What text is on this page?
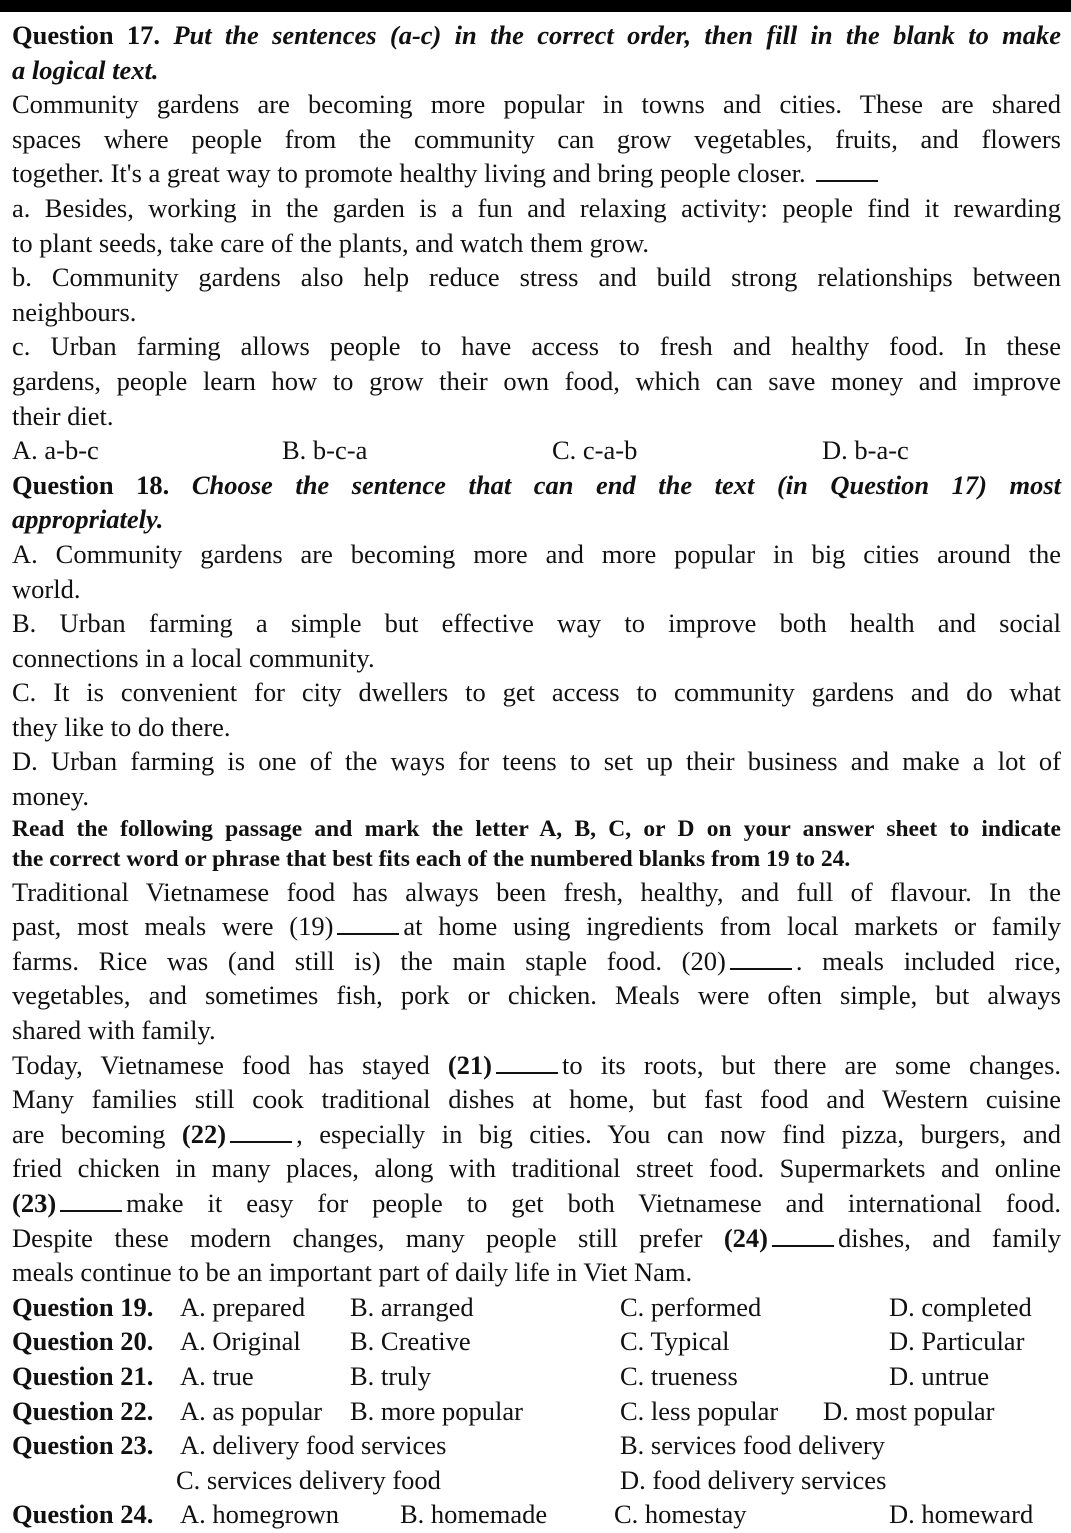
Question 17. Put the sentences (a-c) in the correct order, then fill in the blank to make
a logical text.
Community gardens are becoming more popular in towns and cities. These are shared
spaces where people from the community can grow vegetables, fruits, and flowers
together. It's a great way to promote healthy living and bring people closer.
a. Besides, working in the garden is a fun and relaxing activity: people find it rewarding
to plant seeds, take care of the plants, and watch them grow.
b. Community gardens also help reduce stress and build strong relationships between
neighbours.
c. Urban farming allows people to have access to fresh and healthy food. In these
gardens, people learn how to grow their own food, which can save money and improve
their diet.
A. a-b-c	B. b-c-a	C. c-a-b	D. b-a-c
Question 18. Choose the sentence that can end the text (in Question 17) most
appropriately.
A. Community gardens are becoming more and more popular in big cities around the
world.
B. Urban farming a simple but effective way to improve both health and social
connections in a local community.
C. It is convenient for city dwellers to get access to community gardens and do what
they like to do there.
D. Urban farming is one of the ways for teens to set up their business and make a lot of
money.
Read the following passage and mark the letter A, B, C, or D on your answer sheet to indicate
the correct word or phrase that best fits each of the numbered blanks from 19 to 24.
Traditional Vietnamese food has always been fresh, healthy, and full of flavour. In the
past, most meals were (19)	at home using ingredients from local markets or family
farms. Rice was (and still is) the main staple food. (20)	. meals included rice,
vegetables, and sometimes fish, pork or chicken. Meals were often simple, but always
shared with family.
Today, Vietnamese food has stayed (21)	to its roots, but there are some changes.
Many families still cook traditional dishes at home, but fast food and Western cuisine
are becoming (22)	, especially in big cities. You can now find pizza, burgers, and
fried chicken in many places, along with traditional street food. Supermarkets and online
(23)	make it easy for people to get both Vietnamese and international food.
Despite these modern changes, many people still prefer (24)	dishes, and family
meals continue to be an important part of daily life in Viet Nam.
Question 19. A. prepared B. arranged	C. performed	D. completed
Question 20. A. Original B. Creative	C. Typical	D. Particular
Question 21. A. true	B. truly	C. trueness	D. untrue
Question 22. A. as popular B. more popular	C. less popular D. most popular
Question 23. A. delivery food services	B. services food delivery
C. services delivery food	D. food delivery services
Question 24. A. homegrown B. homemade	C. homestay	D. homeward
